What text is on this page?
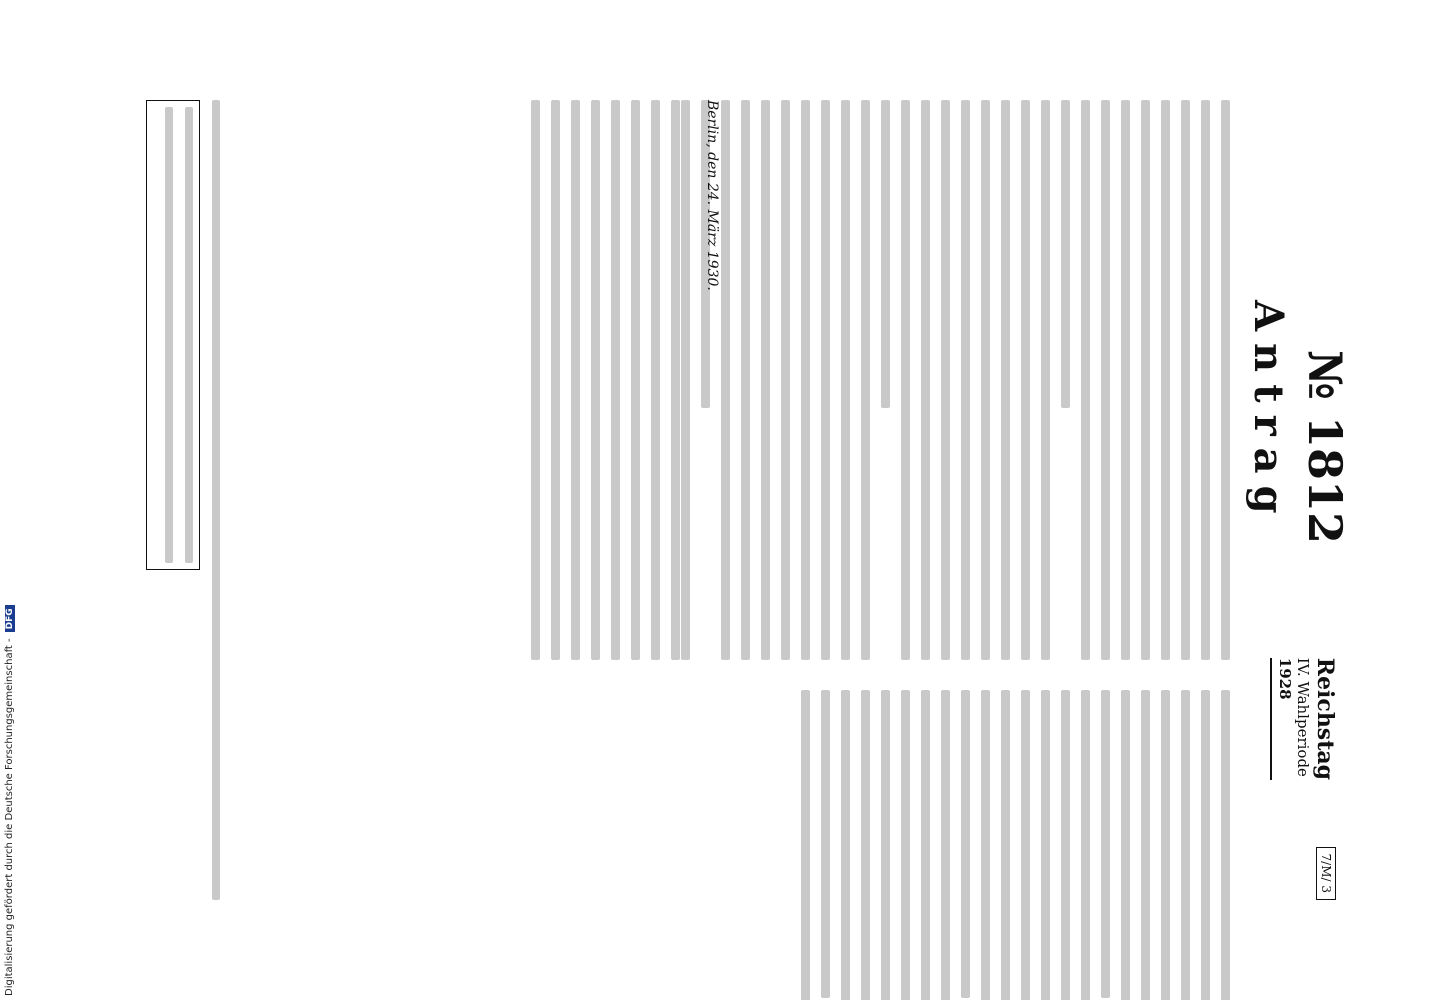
№ 1812
Antrag
Reichstag
IV. Wahlperiode
1928
7/M/ 3
Berlin, den 24. März 1930.
Digitalisierung gefördert durch die Deutsche Forschungsgemeinschaft -DFG
